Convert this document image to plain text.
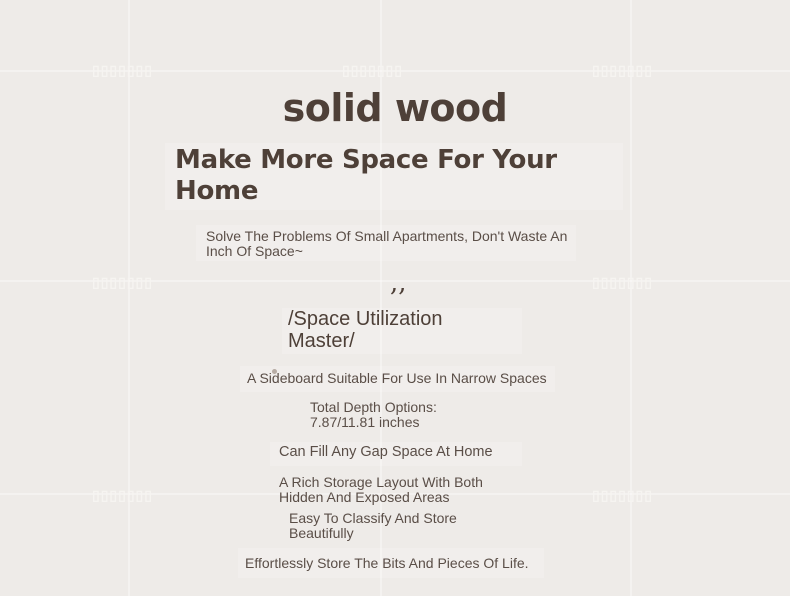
▯▯▯▯▯▯▯	▯▯▯▯▯▯▯	▯▯▯▯▯▯▯
▯▯▯▯▯▯▯	▯▯▯▯▯▯▯
▯▯▯▯▯▯▯	▯▯▯▯▯▯▯
solid wood
Make More Space For Your Home
Solve The Problems Of Small Apartments, Don't Waste An Inch Of Space~
,,
/Space Utilization Master/
A Sideboard Suitable For Use In Narrow Spaces
Total Depth Options: 7.87/11.81 inches
Can Fill Any Gap Space At Home
A Rich Storage Layout With Both Hidden And Exposed Areas
Easy To Classify And Store Beautifully
Effortlessly Store The Bits And Pieces Of Life.
